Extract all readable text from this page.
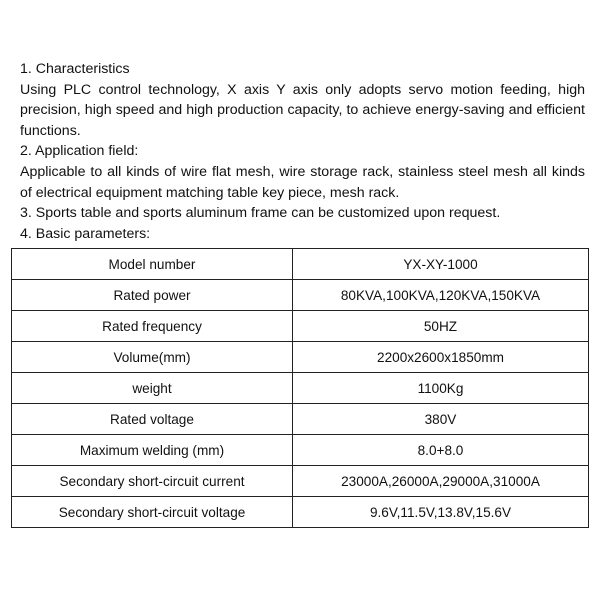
1. Characteristics

Using PLC control technology, X axis Y axis only adopts servo motion feeding, high precision, high speed and high production capacity, to achieve energy-saving and efficient functions.

2. Application field:

Applicable to all kinds of wire flat mesh, wire storage rack, stainless steel mesh all kinds of electrical equipment matching table key piece, mesh rack.

3. Sports table and sports aluminum frame can be customized upon request.

4. Basic parameters:

Model number	YX-XY-1000
Rated power	80KVA,100KVA,120KVA,150KVA
Rated frequency	50HZ
Volume(mm)	2200x2600x1850mm
weight	1100Kg
Rated voltage	380V
Maximum welding (mm)	8.0+8.0
Secondary short-circuit current	23000A,26000A,29000A,31000A
Secondary short-circuit voltage	9.6V,11.5V,13.8V,15.6V
